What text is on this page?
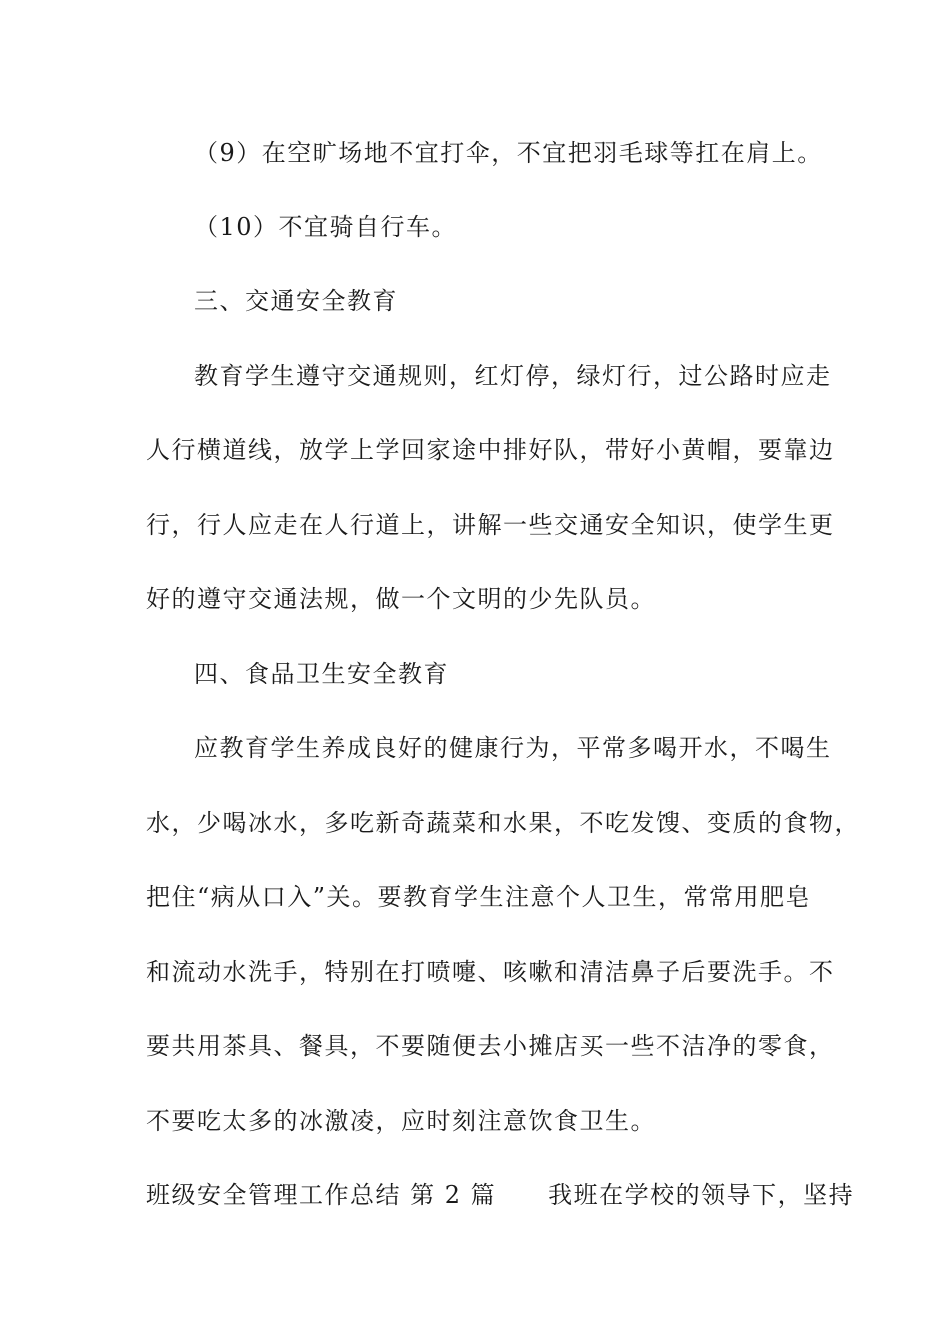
（9）在空旷场地不宜打伞，不宜把羽毛球等扛在肩上。
（10）不宜骑自行车。
三、交通安全教育
教育学生遵守交通规则，红灯停，绿灯行，过公路时应走
人行横道线，放学上学回家途中排好队，带好小黄帽，要靠边
行，行人应走在人行道上，讲解一些交通安全知识，使学生更
好的遵守交通法规，做一个文明的少先队员。
四、食品卫生安全教育
应教育学生养成良好的健康行为，平常多喝开水，不喝生
水，少喝冰水，多吃新奇蔬菜和水果，不吃发馊、变质的食物，
把住“病从口入”关。要教育学生注意个人卫生，常常用肥皂
和流动水洗手，特别在打喷嚏、咳嗽和清洁鼻子后要洗手。不
要共用茶具、餐具，不要随便去小摊店买一些不洁净的零食，
不要吃太多的冰激凌，应时刻注意饮食卫生。
班级安全管理工作总结 第 2 篇 我班在学校的领导下，坚持
